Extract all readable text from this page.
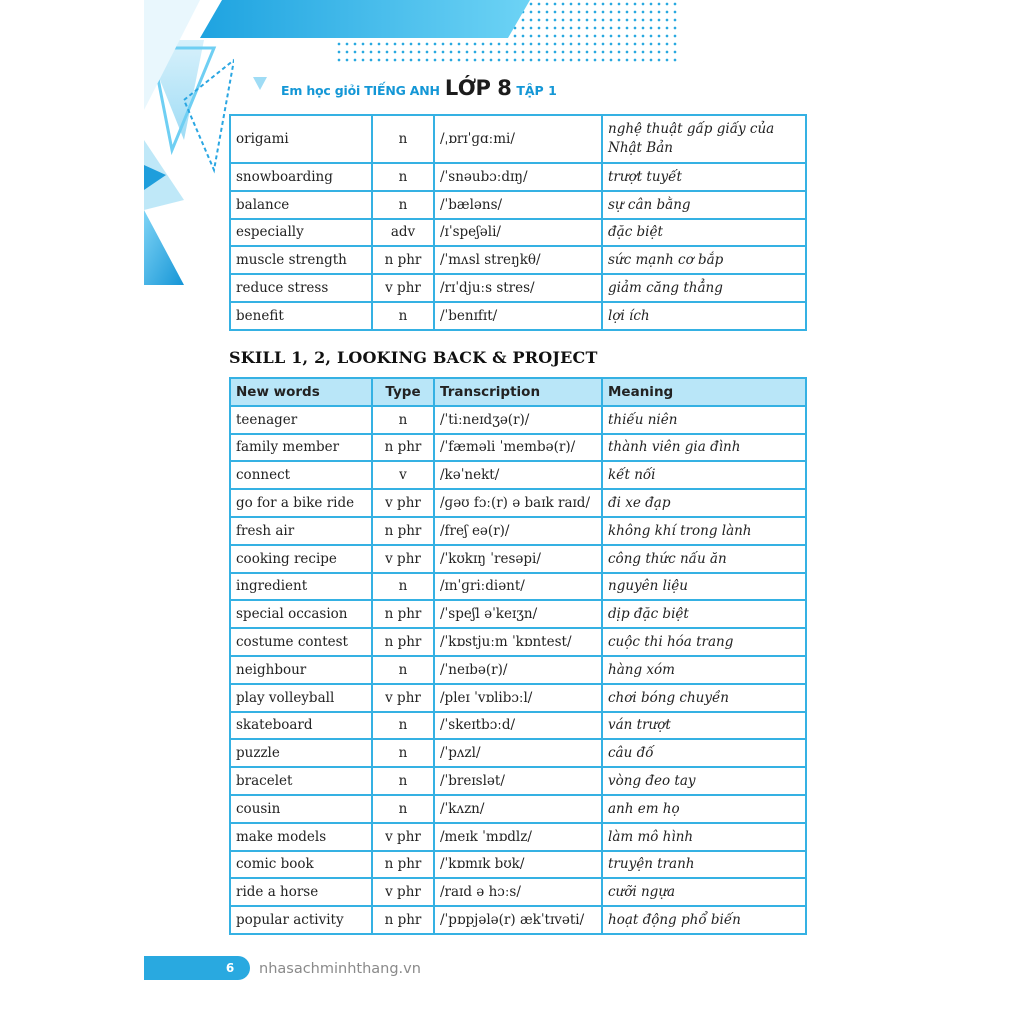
Em học giỏi TIẾNG ANH LỚP 8 TẬP 1
origami	n	/ˌɒrɪˈɡɑːmi/	nghệ thuật gấp giấy của Nhật Bản
snowboarding	n	/ˈsnəubɔːdɪŋ/	trượt tuyết
balance	n	/ˈbæləns/	sự cân bằng
especially	adv	/ɪˈspeʃəli/	đặc biệt
muscle strength	n phr	/ˈmʌsl streŋkθ/	sức mạnh cơ bắp
reduce stress	v phr	/rɪˈdjuːs stres/	giảm căng thẳng
benefit	n	/ˈbenɪfɪt/	lợi ích
SKILL 1, 2, LOOKING BACK & PROJECT
New words	Type	Transcription	Meaning
teenager	n	/ˈtiːneɪdʒə(r)/	thiếu niên
family member	n phr	/ˈfæməli ˈmembə(r)/	thành viên gia đình
connect	v	/kəˈnekt/	kết nối
go for a bike ride	v phr	/ɡəʊ fɔː(r) ə baɪk raɪd/	đi xe đạp
fresh air	n phr	/freʃ eə(r)/	không khí trong lành
cooking recipe	v phr	/ˈkʊkɪŋ ˈresəpi/	công thức nấu ăn
ingredient	n	/ɪnˈɡriːdiənt/	nguyên liệu
special occasion	n phr	/ˈspeʃl əˈkeɪʒn/	dịp đặc biệt
costume contest	n phr	/ˈkɒstjuːm ˈkɒntest/	cuộc thi hóa trang
neighbour	n	/ˈneɪbə(r)/	hàng xóm
play volleyball	v phr	/pleɪ ˈvɒlibɔːl/	chơi bóng chuyền
skateboard	n	/ˈskeɪtbɔːd/	ván trượt
puzzle	n	/ˈpʌzl/	câu đố
bracelet	n	/ˈbreɪslət/	vòng đeo tay
cousin	n	/ˈkʌzn/	anh em họ
make models	v phr	/meɪk ˈmɒdlz/	làm mô hình
comic book	n phr	/ˈkɒmɪk bʊk/	truyện tranh
ride a horse	v phr	/raɪd ə hɔːs/	cưỡi ngựa
popular activity	n phr	/ˈpɒpjələ(r) ækˈtɪvəti/	hoạt động phổ biến
6	nhasachminhthang.vn
